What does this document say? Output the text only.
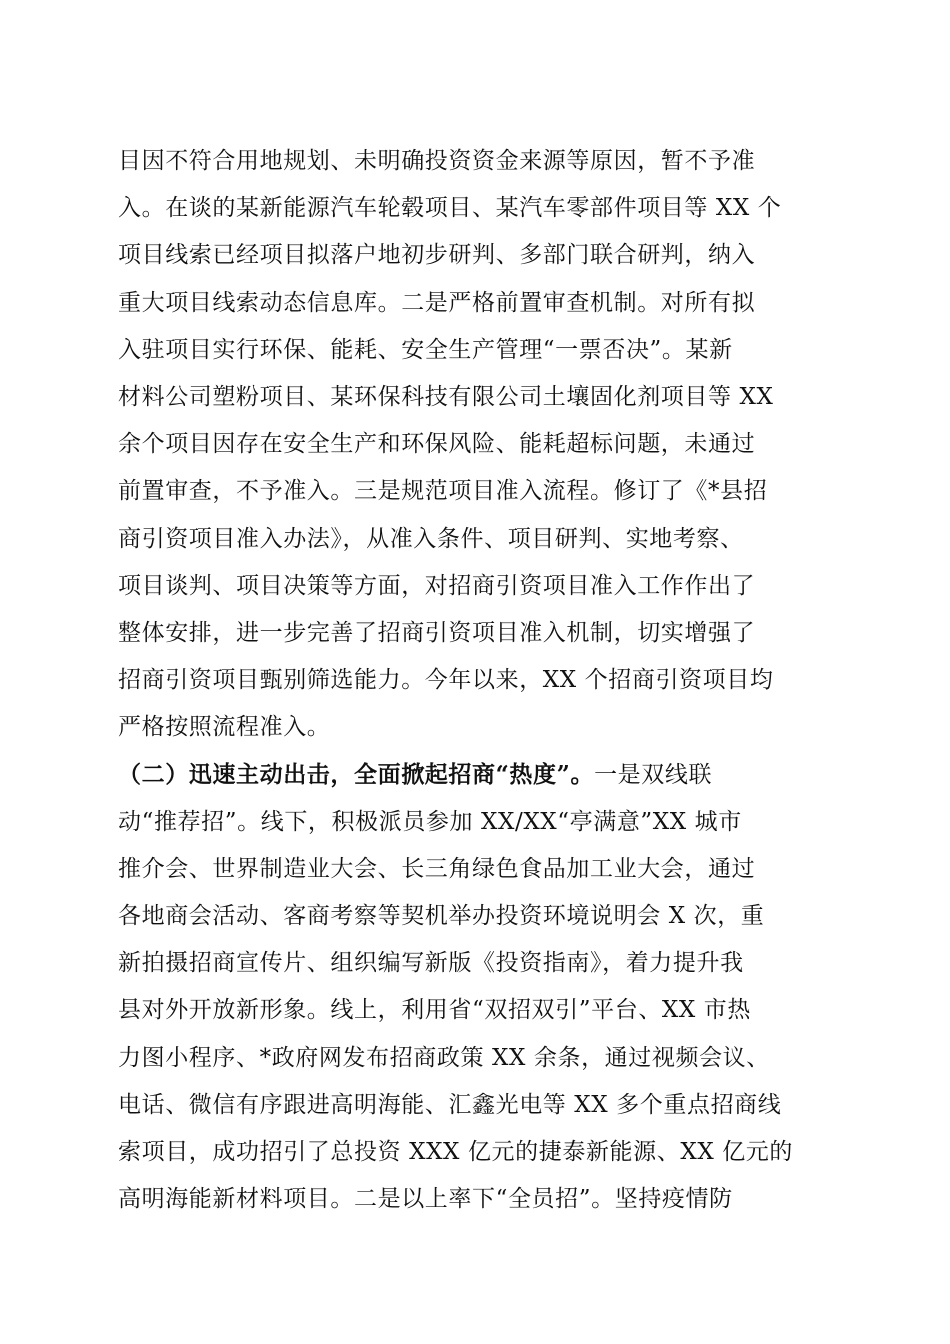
目因不符合用地规划、未明确投资资金来源等原因，暂不予准
入。在谈的某新能源汽车轮毂项目、某汽车零部件项目等 XX 个
项目线索已经项目拟落户地初步研判、多部门联合研判，纳入
重大项目线索动态信息库。二是严格前置审查机制。对所有拟
入驻项目实行环保、能耗、安全生产管理“一票否决”。某新
材料公司塑粉项目、某环保科技有限公司土壤固化剂项目等 XX
余个项目因存在安全生产和环保风险、能耗超标问题，未通过
前置审查，不予准入。三是规范项目准入流程。修订了《*县招
商引资项目准入办法》，从准入条件、项目研判、实地考察、
项目谈判、项目决策等方面，对招商引资项目准入工作作出了
整体安排，进一步完善了招商引资项目准入机制，切实增强了
招商引资项目甄别筛选能力。今年以来，XX 个招商引资项目均
严格按照流程准入。
（二）迅速主动出击，全面掀起招商“热度”。一是双线联
动“推荐招”。线下，积极派员参加 XX/XX“亭满意”XX 城市
推介会、世界制造业大会、长三角绿色食品加工业大会，通过
各地商会活动、客商考察等契机举办投资环境说明会 X 次，重
新拍摄招商宣传片、组织编写新版《投资指南》，着力提升我
县对外开放新形象。线上，利用省“双招双引”平台、XX 市热
力图小程序、*政府网发布招商政策 XX 余条，通过视频会议、
电话、微信有序跟进高明海能、汇鑫光电等 XX 多个重点招商线
索项目，成功招引了总投资 XXX 亿元的捷泰新能源、XX 亿元的
高明海能新材料项目。二是以上率下“全员招”。坚持疫情防
